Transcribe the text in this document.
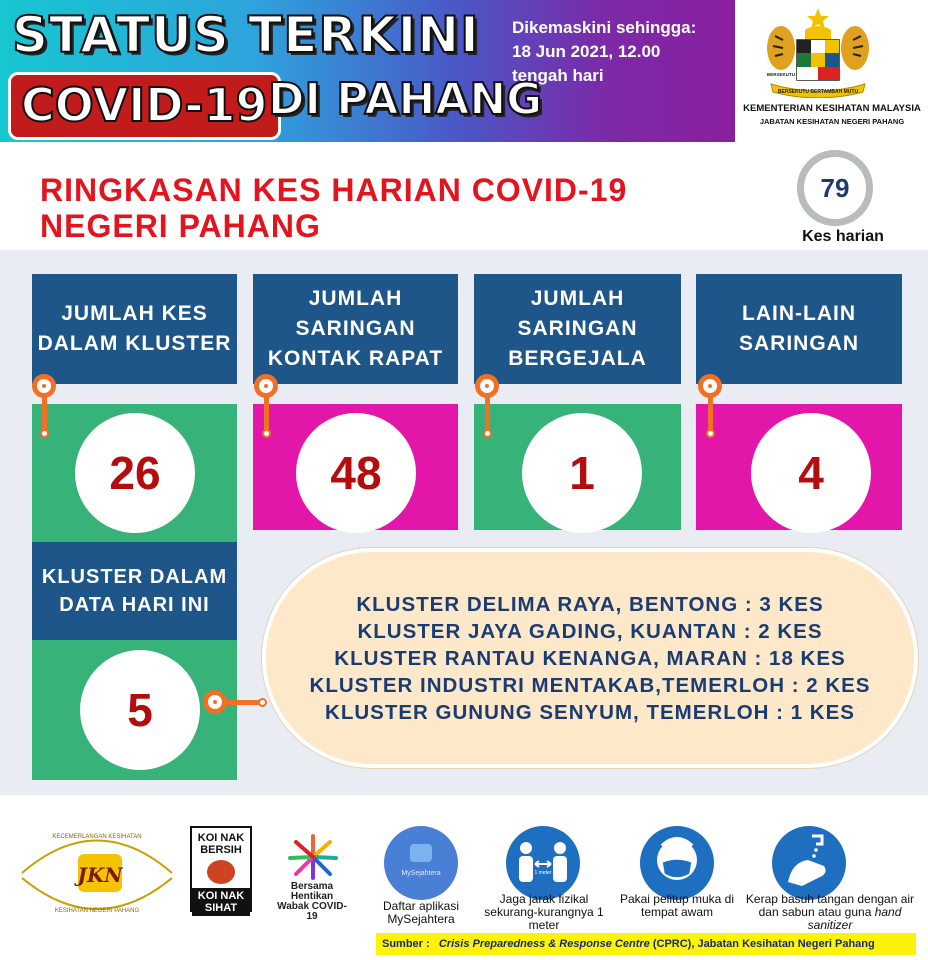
STATUS TERKINI
COVID-19 DI PAHANG
Dikemaskini sehingga:
18 Jun 2021, 12.00
tengah hari	BERSEKUTU
BERSEKUTU BERTAMBAH MUTU
KEMENTERIAN KESIHATAN MALAYSIA
JABATAN KESIHATAN NEGERI PAHANG
RINGKASAN KES HARIAN COVID-19
NEGERI PAHANG
79
Kes harian
JUMLAH KES DALAM KLUSTER
26
JUMLAH SARINGAN KONTAK RAPAT
48
JUMLAH SARINGAN BERGEJALA
1
LAIN-LAIN SARINGAN
4
KLUSTER DALAM DATA HARI INI
5
KLUSTER DELIMA RAYA, BENTONG : 3 KES
KLUSTER JAYA GADING, KUANTAN : 2 KES
KLUSTER RANTAU KENANGA, MARAN : 18 KES
KLUSTER INDUSTRI MENTAKAB,TEMERLOH : 2 KES
KLUSTER GUNUNG SENYUM, TEMERLOH : 1 KES
JKN
KECEMERLANGAN KESIHATAN
KESIHATAN NEGERI PAHANG
KOI NAK BERSIH
KOI NAK SIHAT
Bersama Hentikan Wabak COVID-19
MySejahtera
Daftar aplikasi MySejahtera
1 meter
Jaga jarak fizikal sekurang-kurangnya 1 meter
Pakai pelitup muka di tempat awam
Kerap basuh tangan dengan air dan sabun atau guna hand sanitizer
Sumber : Crisis Preparedness & Response Centre (CPRC), Jabatan Kesihatan Negeri Pahang
